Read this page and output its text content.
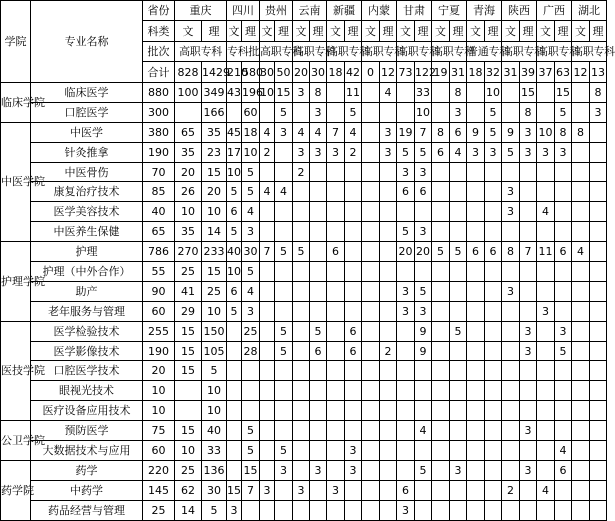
学院	专业名称	省份	重庆		四川		贵州		云南		新疆		内蒙		甘肃		宁夏		青海		陕西		广西		湖北	
		科类	文	理	文	理	文	理	文	理	文	理	文	理	文	理	文	理	文	理	文	理	文	理	文	理
		批次	高职专科		专科批		高职专科		高职专科		高职专科		高职专科		高职专科		高职专科		普通专科		高职专科		高职专科		高职专科	
		合计	828	1429	210	580	30	50	20	30	18	42	0	12	73	122	19	31	18	32	31	39	37	63	12	13
临床学院	临床医学	880	100	349	43	196	10	15	3	8		11		4		33		8		10		15		15		8
	口腔医学	300		166		60		5		3		5				10		3		5		8		5		3
中医学院	中医学	380	65	35	45	18	4	3	4	4	7	4		3	19	7	8	6	9	5	9	3	10	8	8	
	针灸推拿	190	35	23	17	10	2		3	3	3	2		3	5	5	6	4	3	3	5	3	3	3		
	中医骨伤	70	20	15	10	5			2						3	3										
	康复治疗技术	85	26	20	5	5	4	4							6	6					3					
	医学美容技术	40	10	10	6	4															3		4			
	中医养生保健	65	35	14	5	3									5	3										
护理学院	护理	786	270	233	40	30	7	5	5		6				20	20	5	5	6	6	8	7	11	6	4	
	护理（中外合作）	55	25	15	10	5																				
	助产	90	41	25	6	4									3	5					3					
	老年服务与管理	60	29	10	5	3									3	3							3			
医技学院	医学检验技术	255	15	150		25		5		5		6				9		5				3		3		
	医学影像技术	190	15	105		28		5		6		6		2		9						3		5		
	口腔医学技术	20	15	5																						
	眼视光技术	10		10																						
	医疗设备应用技术	10		10																						
公卫学院	预防医学	75	15	40		5										4						3				
	大数据技术与应用	60	10	33		5		5				3												4		
药学院	药学	220	25	136		15		3		3		3				5		3				3		6		
	中药学	145	62	30	15	7	3		3		3				6						2		4			
	药品经营与管理	25	14	5	3										3											
